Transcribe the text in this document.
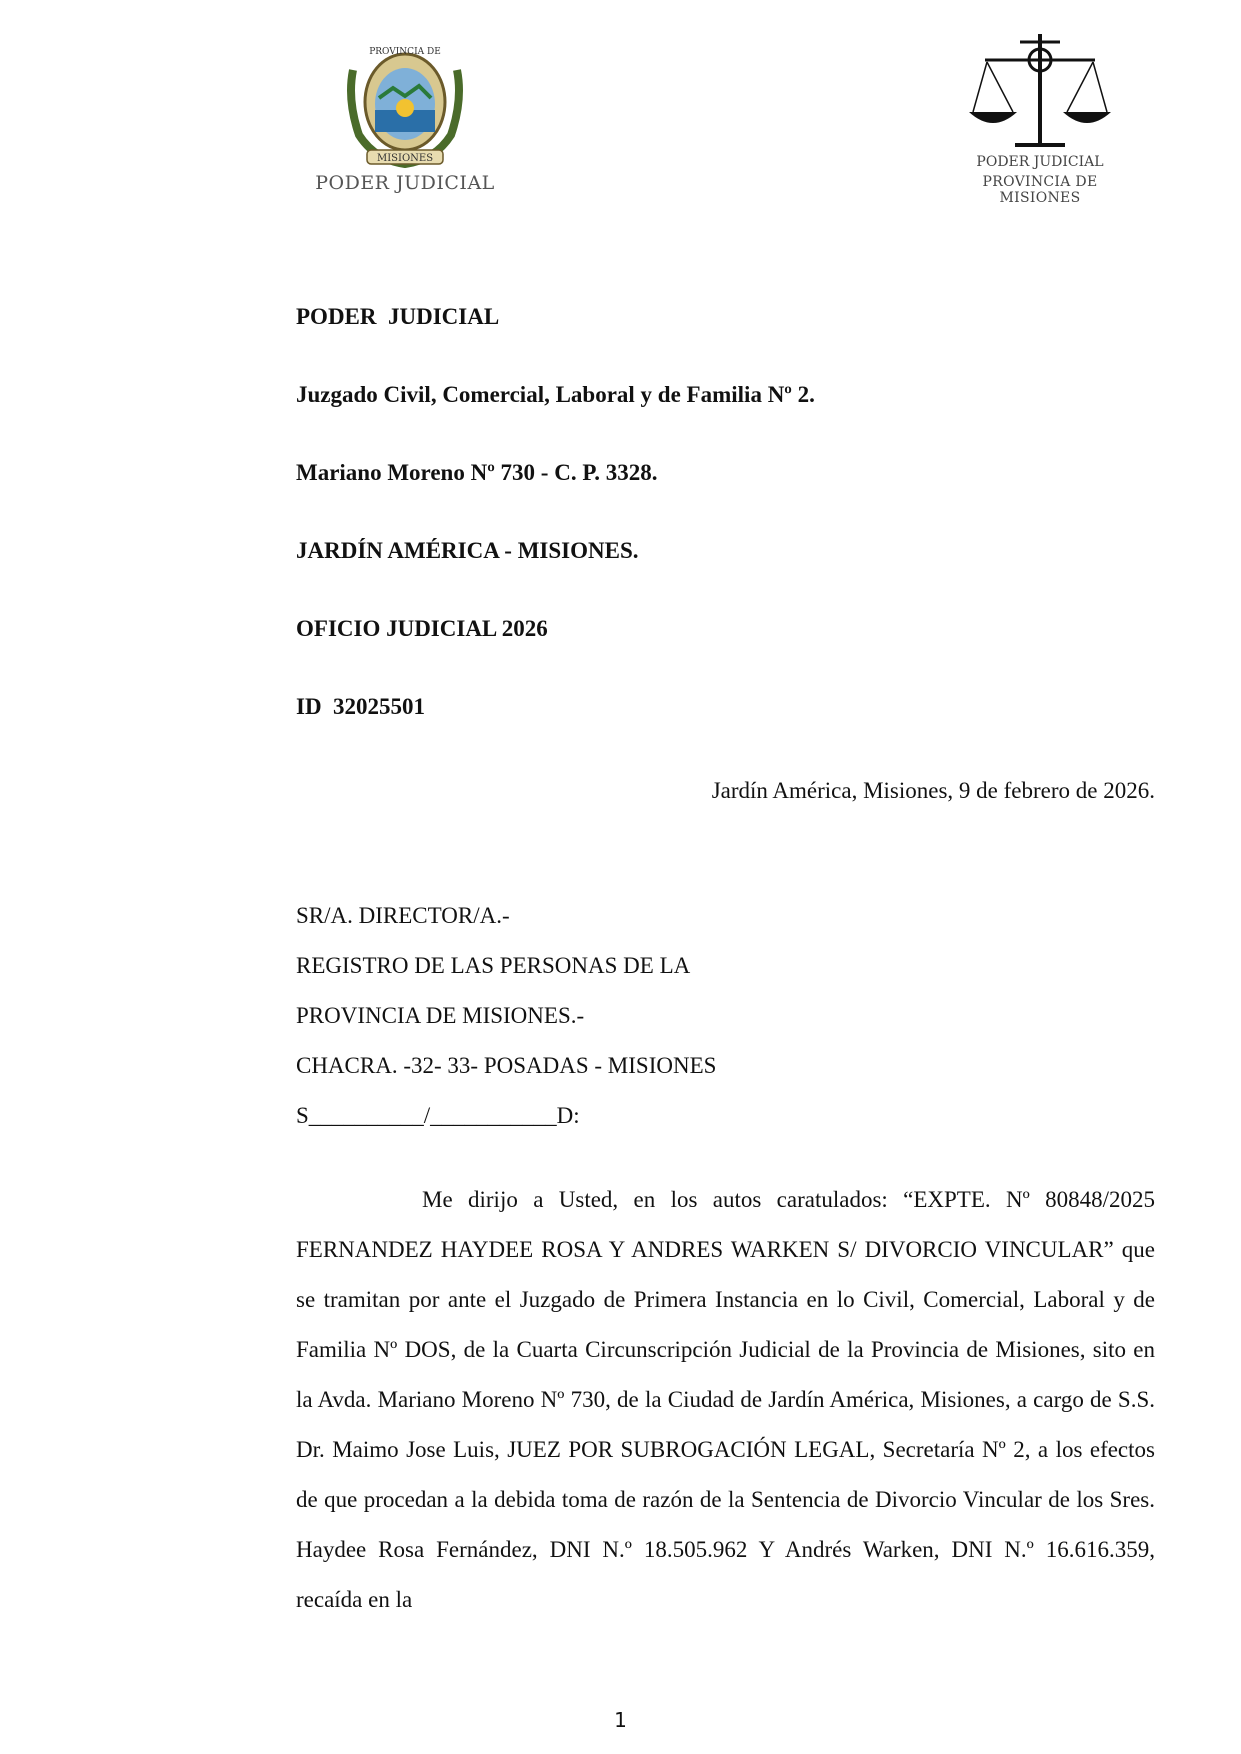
MISIONES
PROVINCIA DE
PODER JUDICIAL
PODER JUDICIAL
PROVINCIA DE MISIONES
PODER  JUDICIAL
Juzgado Civil, Comercial, Laboral y de Familia Nº 2.
Mariano Moreno Nº 730 - C. P. 3328.
JARDÍN AMÉRICA - MISIONES.
OFICIO JUDICIAL 2026
ID  32025501
Jardín América, Misiones, 9 de febrero de 2026.
SR/A. DIRECTOR/A.-
REGISTRO DE LAS PERSONAS DE LA
PROVINCIA DE MISIONES.-
CHACRA. -32- 33- POSADAS - MISIONES
S__________/___________D:

Me dirijo a Usted, en los autos caratulados: “EXPTE. Nº 80848/2025 FERNANDEZ HAYDEE ROSA Y ANDRES WARKEN S/ DIVORCIO VINCULAR” que se tramitan por ante el Juzgado de Primera Instancia en lo Civil, Comercial, Laboral y de Familia Nº DOS, de la Cuarta Circunscripción Judicial de la Provincia de Misiones, sito en la Avda. Mariano Moreno Nº 730, de la Ciudad de Jardín América, Misiones, a cargo de S.S. Dr. Maimo Jose Luis, JUEZ POR SUBROGACIÓN LEGAL, Secretaría Nº 2, a los efectos de que procedan a la debida toma de razón de la Sentencia de Divorcio Vincular de los Sres. Haydee Rosa Fernández, DNI N.º 18.505.962 Y Andrés Warken, DNI N.º 16.616.359, recaída en la

1
